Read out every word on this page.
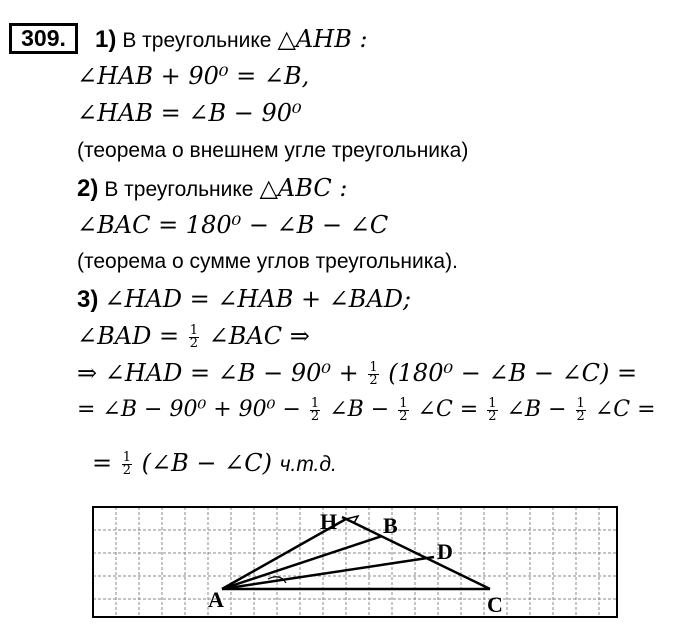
309.	1) В треугольнике △AHB :
∠HAB + 90⁰ = ∠B,
∠HAB = ∠B − 90⁰
(теорема о внешнем угле треугольника)
2) В треугольнике △ABC :
∠BAC = 180⁰ − ∠B − ∠C
(теорема о сумме углов треугольника).
3) ∠HAD = ∠HAB + ∠BAD;
∠BAD = $\frac{1}{2}$ ∠BAC ⇒
⇒ ∠HAD = ∠B − $90^0 + \frac{1}{2} (180^0$ − ∠B − ∠C) =
= ∠B − $90^0 + 90^0 - \frac{1}{2}$ ∠B − $\frac{1}{2}$ ∠C = $\frac{1}{2}$ ∠B − $\frac{1}{2}$ ∠C =
= $\frac{1}{2}$ (∠B − ∠C) ч.т.д.
A
B
C
D
H
